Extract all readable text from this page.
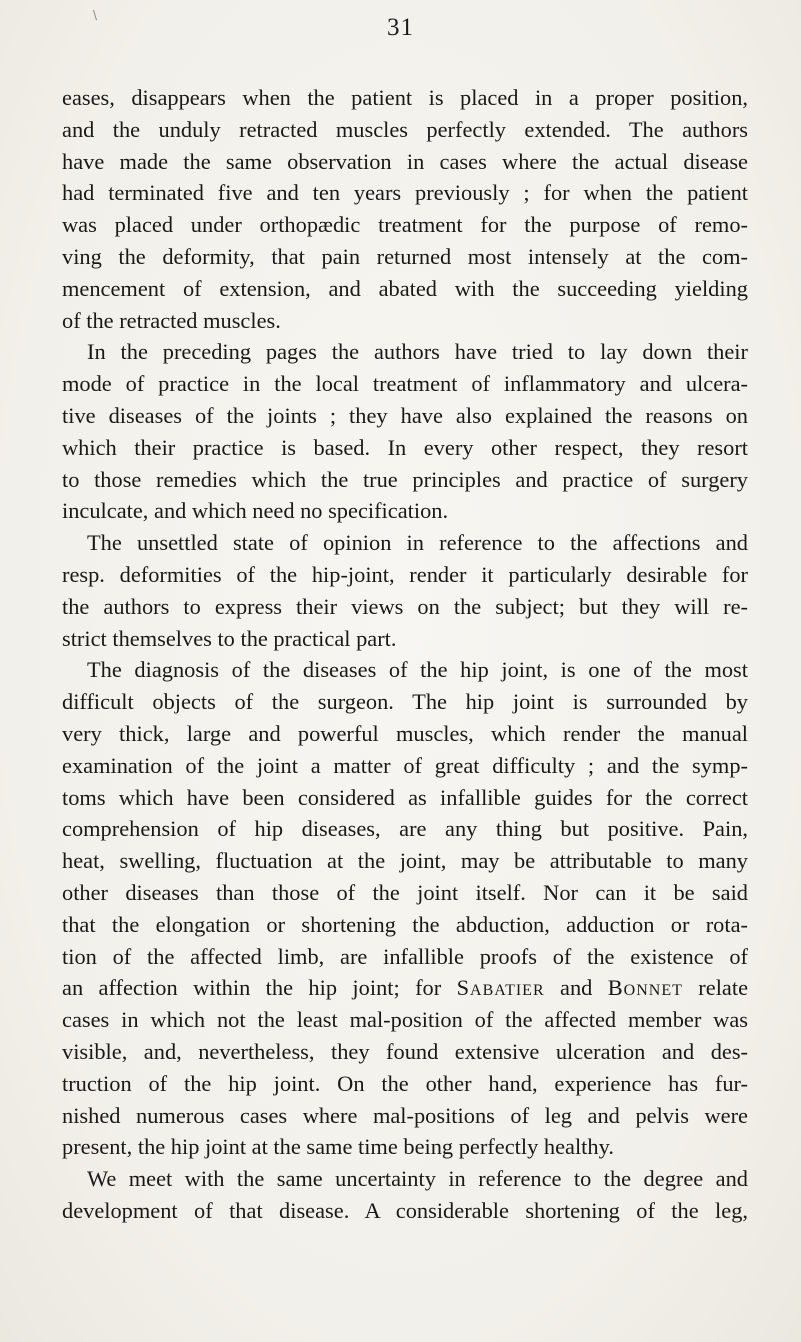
\	31
eases, disappears when the patient is placed in a proper position,
and the unduly retracted muscles perfectly extended. The authors
have made the same observation in cases where the actual disease
had terminated five and ten years previously ; for when the patient
was placed under orthopædic treatment for the purpose of remo-
ving the deformity, that pain returned most intensely at the com-
mencement of extension, and abated with the succeeding yielding
of the retracted muscles.
In the preceding pages the authors have tried to lay down their
mode of practice in the local treatment of inflammatory and ulcera-
tive diseases of the joints ; they have also explained the reasons on
which their practice is based. In every other respect, they resort
to those remedies which the true principles and practice of surgery
inculcate, and which need no specification.
The unsettled state of opinion in reference to the affections and
resp. deformities of the hip-joint, render it particularly desirable for
the authors to express their views on the subject; but they will re-
strict themselves to the practical part.
The diagnosis of the diseases of the hip joint, is one of the most
difficult objects of the surgeon. The hip joint is surrounded by
very thick, large and powerful muscles, which render the manual
examination of the joint a matter of great difficulty ; and the symp-
toms which have been considered as infallible guides for the correct
comprehension of hip diseases, are any thing but positive. Pain,
heat, swelling, fluctuation at the joint, may be attributable to many
other diseases than those of the joint itself. Nor can it be said
that the elongation or shortening the abduction, adduction or rota-
tion of the affected limb, are infallible proofs of the existence of
an affection within the hip joint; for Sabatier and Bonnet relate
cases in which not the least mal-position of the affected member was
visible, and, nevertheless, they found extensive ulceration and des-
truction of the hip joint. On the other hand, experience has fur-
nished numerous cases where mal-positions of leg and pelvis were
present, the hip joint at the same time being perfectly healthy.
We meet with the same uncertainty in reference to the degree and
development of that disease. A considerable shortening of the leg,
